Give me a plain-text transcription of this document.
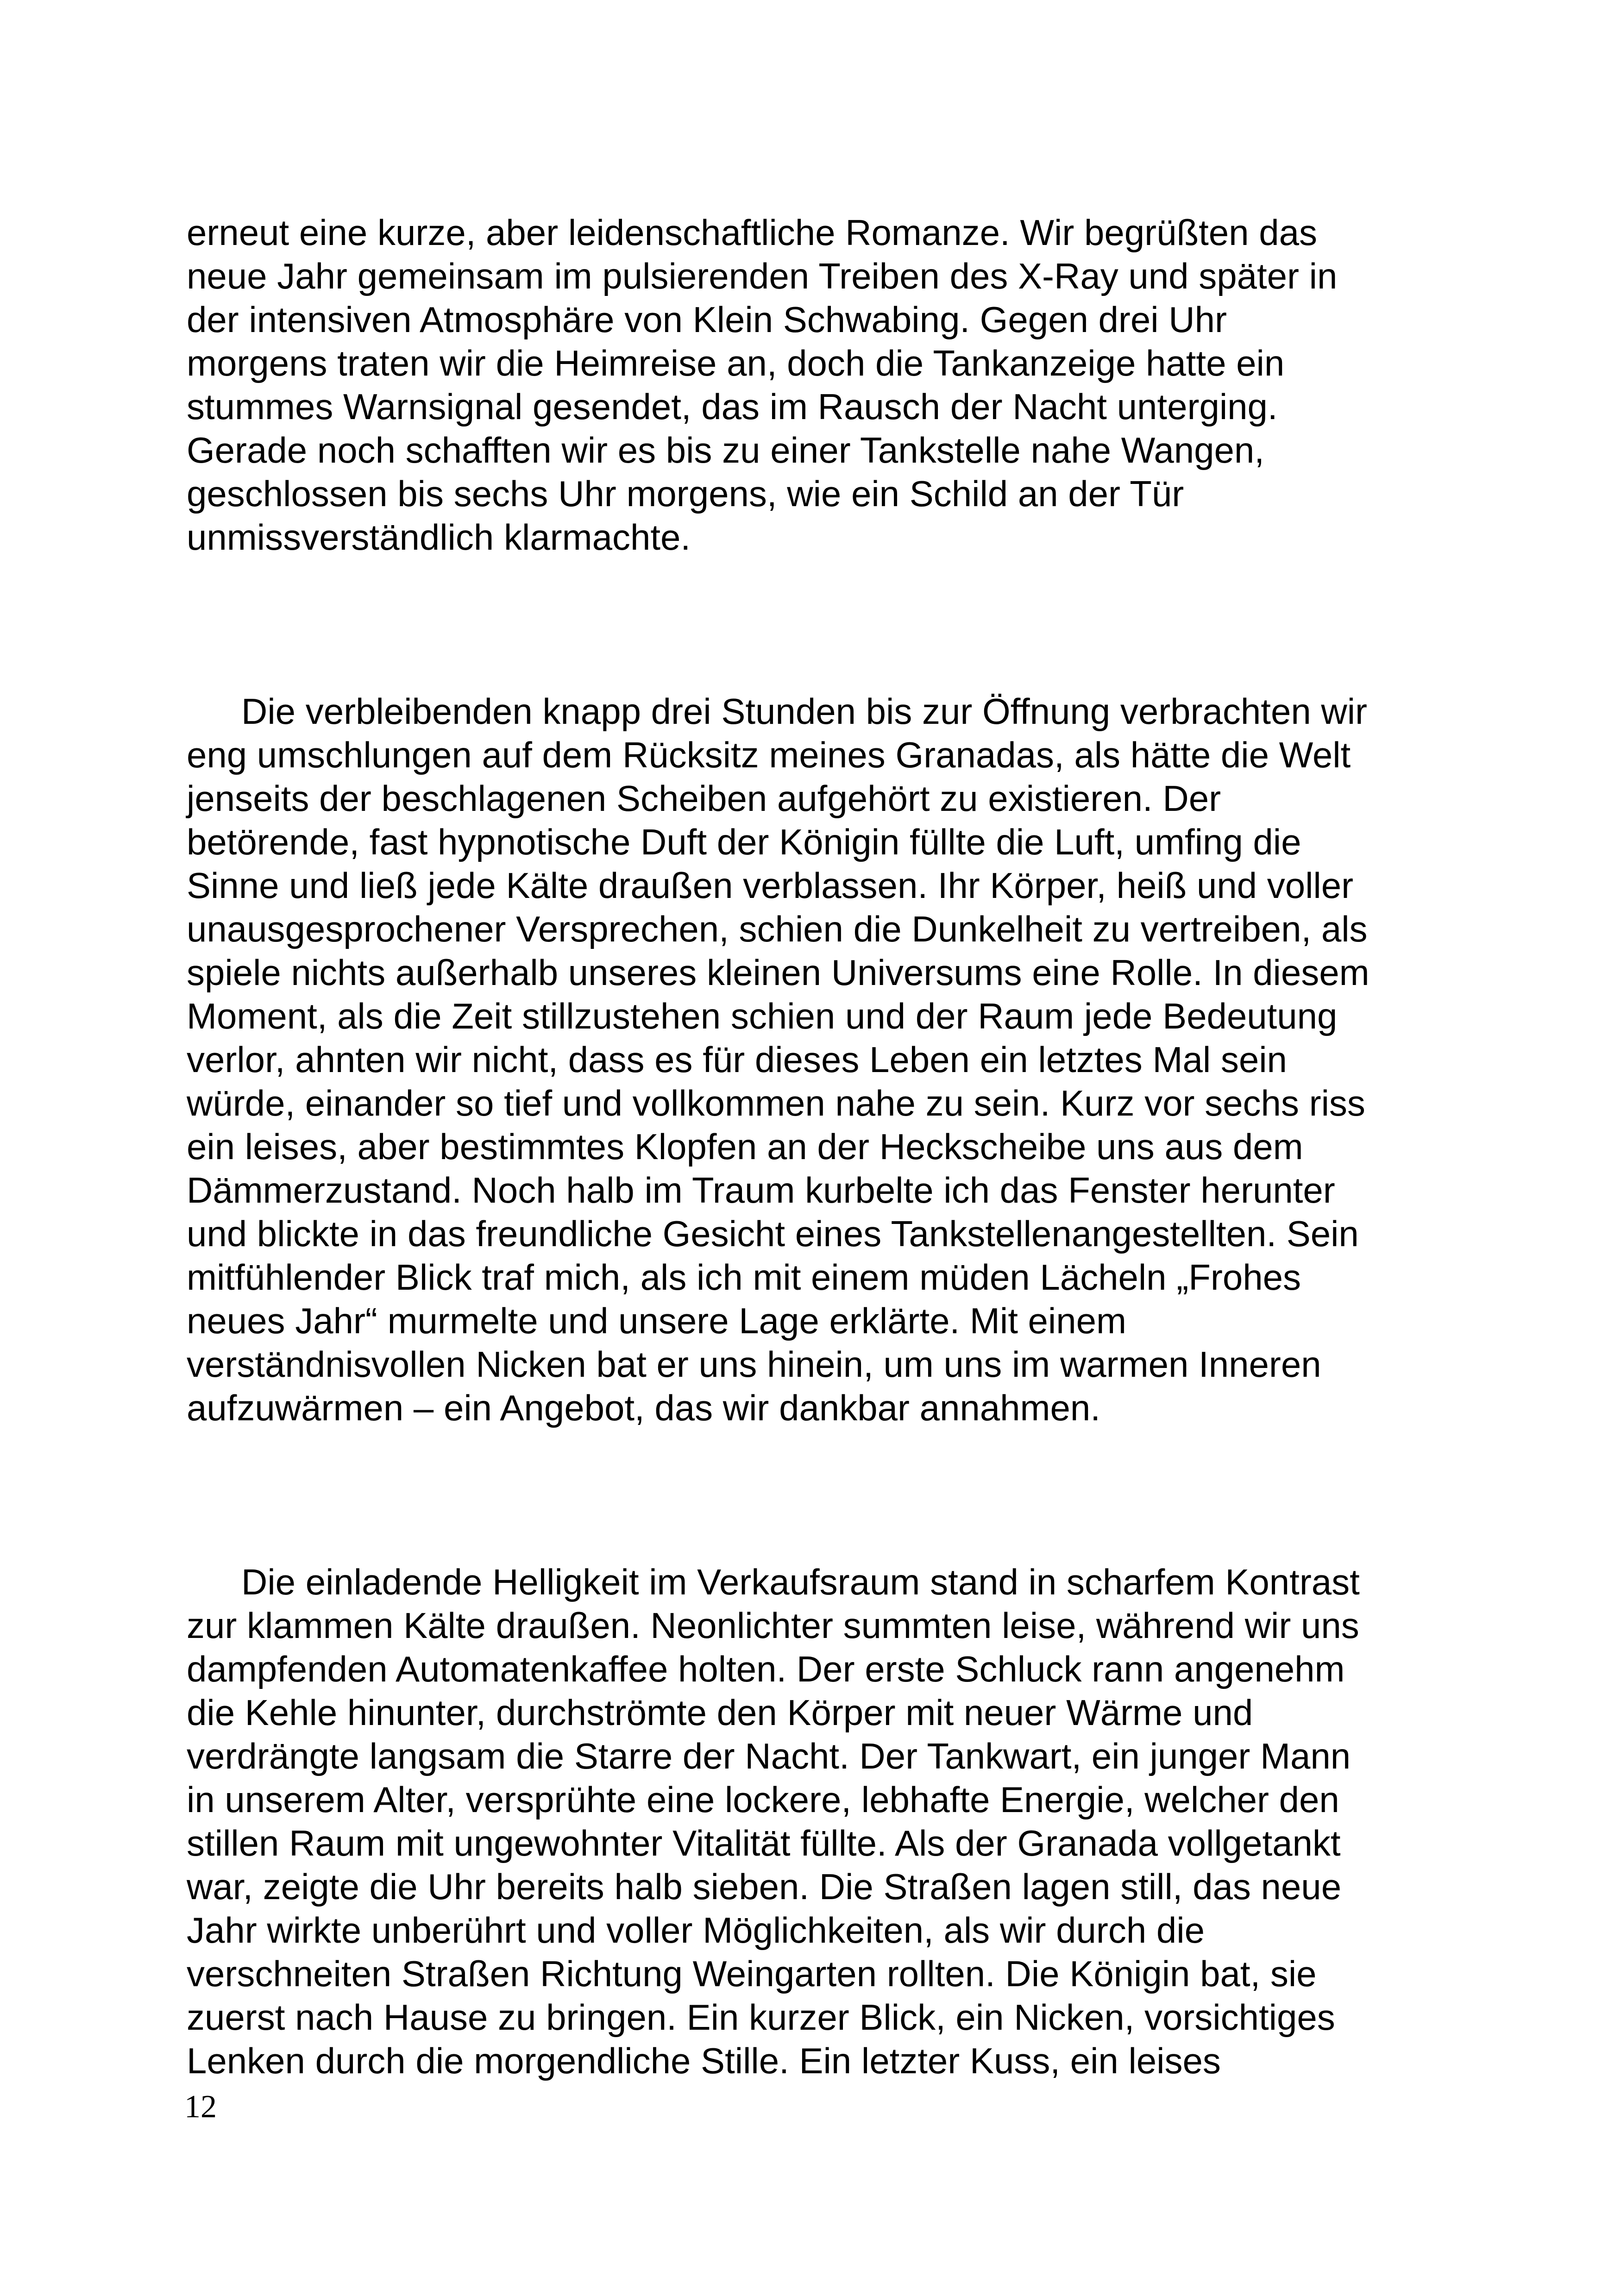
erneut eine kurze, aber leidenschaftliche Romanze. Wir begrüßten das
neue Jahr gemeinsam im pulsierenden Treiben des X-Ray und später in
der intensiven Atmosphäre von Klein Schwabing. Gegen drei Uhr
morgens traten wir die Heimreise an, doch die Tankanzeige hatte ein
stummes Warnsignal gesendet, das im Rausch der Nacht unterging.
Gerade noch schafften wir es bis zu einer Tankstelle nahe Wangen,
geschlossen bis sechs Uhr morgens, wie ein Schild an der Tür
unmissverständlich klarmachte.
Die verbleibenden knapp drei Stunden bis zur Öffnung verbrachten wir
eng umschlungen auf dem Rücksitz meines Granadas, als hätte die Welt
jenseits der beschlagenen Scheiben aufgehört zu existieren. Der
betörende, fast hypnotische Duft der Königin füllte die Luft, umfing die
Sinne und ließ jede Kälte draußen verblassen. Ihr Körper, heiß und voller
unausgesprochener Versprechen, schien die Dunkelheit zu vertreiben, als
spiele nichts außerhalb unseres kleinen Universums eine Rolle. In diesem
Moment, als die Zeit stillzustehen schien und der Raum jede Bedeutung
verlor, ahnten wir nicht, dass es für dieses Leben ein letztes Mal sein
würde, einander so tief und vollkommen nahe zu sein. Kurz vor sechs riss
ein leises, aber bestimmtes Klopfen an der Heckscheibe uns aus dem
Dämmerzustand. Noch halb im Traum kurbelte ich das Fenster herunter
und blickte in das freundliche Gesicht eines Tankstellenangestellten. Sein
mitfühlender Blick traf mich, als ich mit einem müden Lächeln „Frohes
neues Jahr“ murmelte und unsere Lage erklärte. Mit einem
verständnisvollen Nicken bat er uns hinein, um uns im warmen Inneren
aufzuwärmen – ein Angebot, das wir dankbar annahmen.
Die einladende Helligkeit im Verkaufsraum stand in scharfem Kontrast
zur klammen Kälte draußen. Neonlichter summten leise, während wir uns
dampfenden Automatenkaffee holten. Der erste Schluck rann angenehm
die Kehle hinunter, durchströmte den Körper mit neuer Wärme und
verdrängte langsam die Starre der Nacht. Der Tankwart, ein junger Mann
in unserem Alter, versprühte eine lockere, lebhafte Energie, welcher den
stillen Raum mit ungewohnter Vitalität füllte. Als der Granada vollgetankt
war, zeigte die Uhr bereits halb sieben. Die Straßen lagen still, das neue
Jahr wirkte unberührt und voller Möglichkeiten, als wir durch die
verschneiten Straßen Richtung Weingarten rollten. Die Königin bat, sie
zuerst nach Hause zu bringen. Ein kurzer Blick, ein Nicken, vorsichtiges
Lenken durch die morgendliche Stille. Ein letzter Kuss, ein leises
12
